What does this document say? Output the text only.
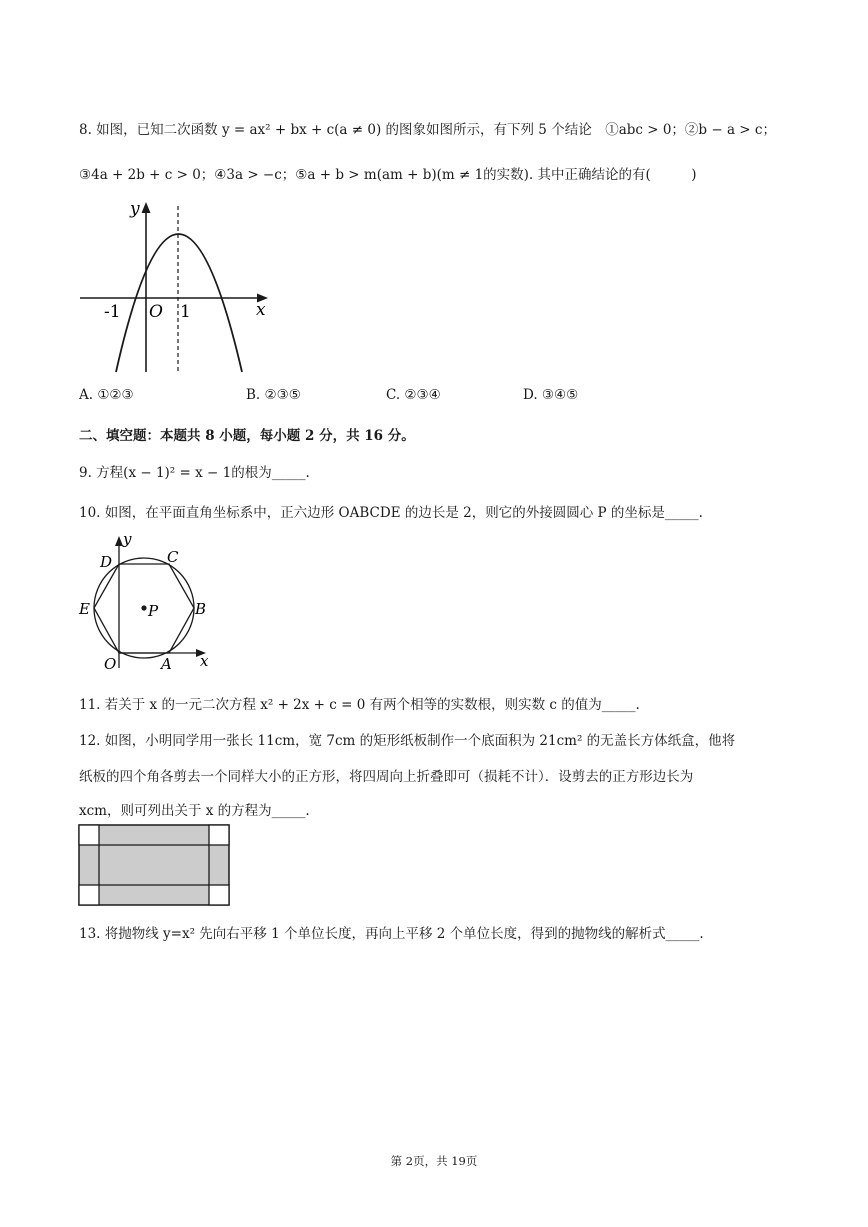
8. 如图，已知二次函数 y = ax² + bx + c(a ≠ 0) 的图象如图所示，有下列 5 个结论　①abc > 0；②b − a > c；
③4a + 2b + c > 0；④3a > −c；⑤a + b > m(am + b)(m ≠ 1的实数). 其中正确结论的有(　　　)
y
x
O
-1	1
A. ①②③	B. ②③⑤	C. ②③④	D. ③④⑤
二、填空题：本题共 8 小题，每小题 2 分，共 16 分。
9. 方程(x − 1)² = x − 1的根为_____.
10. 如图，在平面直角坐标系中，正六边形 OABCDE 的边长是 2，则它的外接圆圆心 P 的坐标是_____.
y
x
O	A
B
C
D
E	P
11. 若关于 x 的一元二次方程 x² + 2x + c = 0 有两个相等的实数根，则实数 c 的值为_____.
12. 如图，小明同学用一张长 11cm，宽 7cm 的矩形纸板制作一个底面积为 21cm² 的无盖长方体纸盒，他将
纸板的四个角各剪去一个同样大小的正方形，将四周向上折叠即可（损耗不计）．设剪去的正方形边长为
xcm，则可列出关于 x 的方程为_____.
13. 将抛物线 y=x² 先向右平移 1 个单位长度，再向上平移 2 个单位长度，得到的抛物线的解析式_____.
第 2页，共 19页
